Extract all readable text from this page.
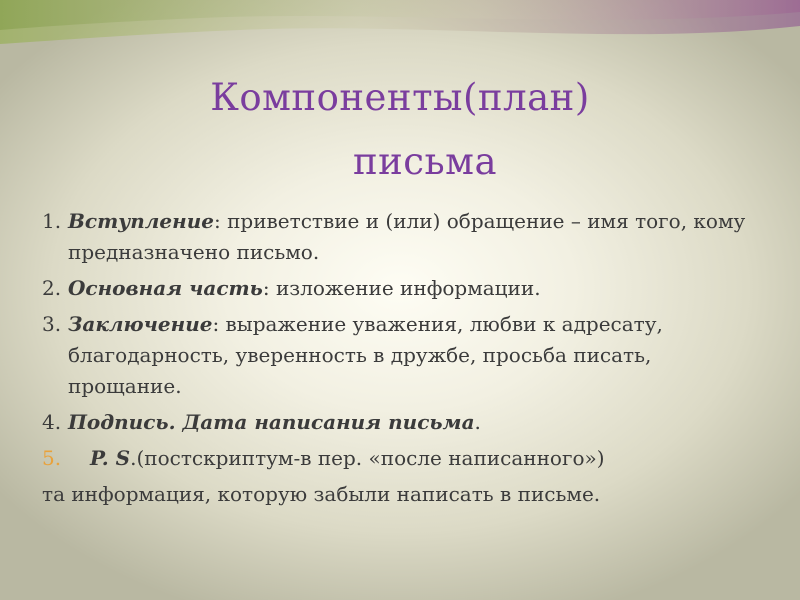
Компоненты(план)
письма
1. Вступление: приветствие и (или) обращение – имя того, кому предназначено письмо.
2. Основная часть: изложение информации.
3. Заключение: выражение уважения, любви к адресату, благодарность, уверенность в дружбе, просьба писать, прощание.
4. Подпись. Дата написания письма.
5. P. S.(постскриптум-в пер. «после написанного»)
та информация, которую забыли написать в письме.
